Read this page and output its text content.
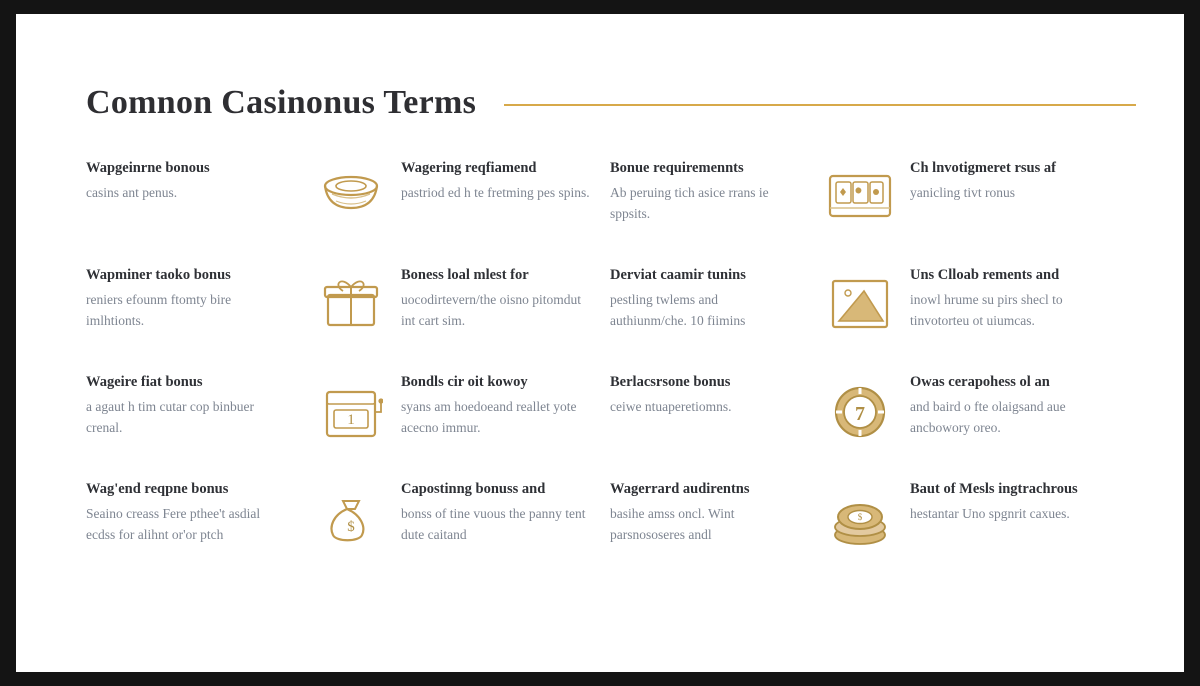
Comnon Casinonus Terms
Wapgeinrne bonous
casins ant penus.
Wagering reqfiamend
pastriod ed h te fretming pes spins.
Bonue requiremennts
Ab peruing tich asice rrans ie sppsits.
Ch lnvotigmeret rsus af
yanicling tivt ronus
Wapminer taoko bonus
reniers efounm ftomty bire imlhtionts.
Boness loal mlest for
uocodirtevern/the oisno pitomdut int cart sim.
Derviat caamir tunins
pestling twlems and authiunm/che. 10 fiimins
Uns Clloab rements and
inowl hrume su pirs shecl to tinvotorteu ot uiumcas.
Wageire fiat bonus
a agaut h tim cutar cop binbuer crenal.	1
Bondls cir oit kowoy
syans am hoedoeand reallet yote acecno immur.
Berlacsrsone bonus
ceiwe ntuaperetiomns.	7
Owas cerapohess ol an
and baird o fte olaigsand aue ancbowory oreo.
Wag'end reqpne bonus
Seaino creass Fere pthee't asdial ecdss for alihnt or'or ptch	$
Capostinng bonuss and
bonss of tine vuous the panny tent dute caitand
Wagerrard audirentns
basihe amss oncl. Wint parsnososeres andl
$
Baut of Mesls ingtrachrous
hestantar Uno spgnrit caxues.
